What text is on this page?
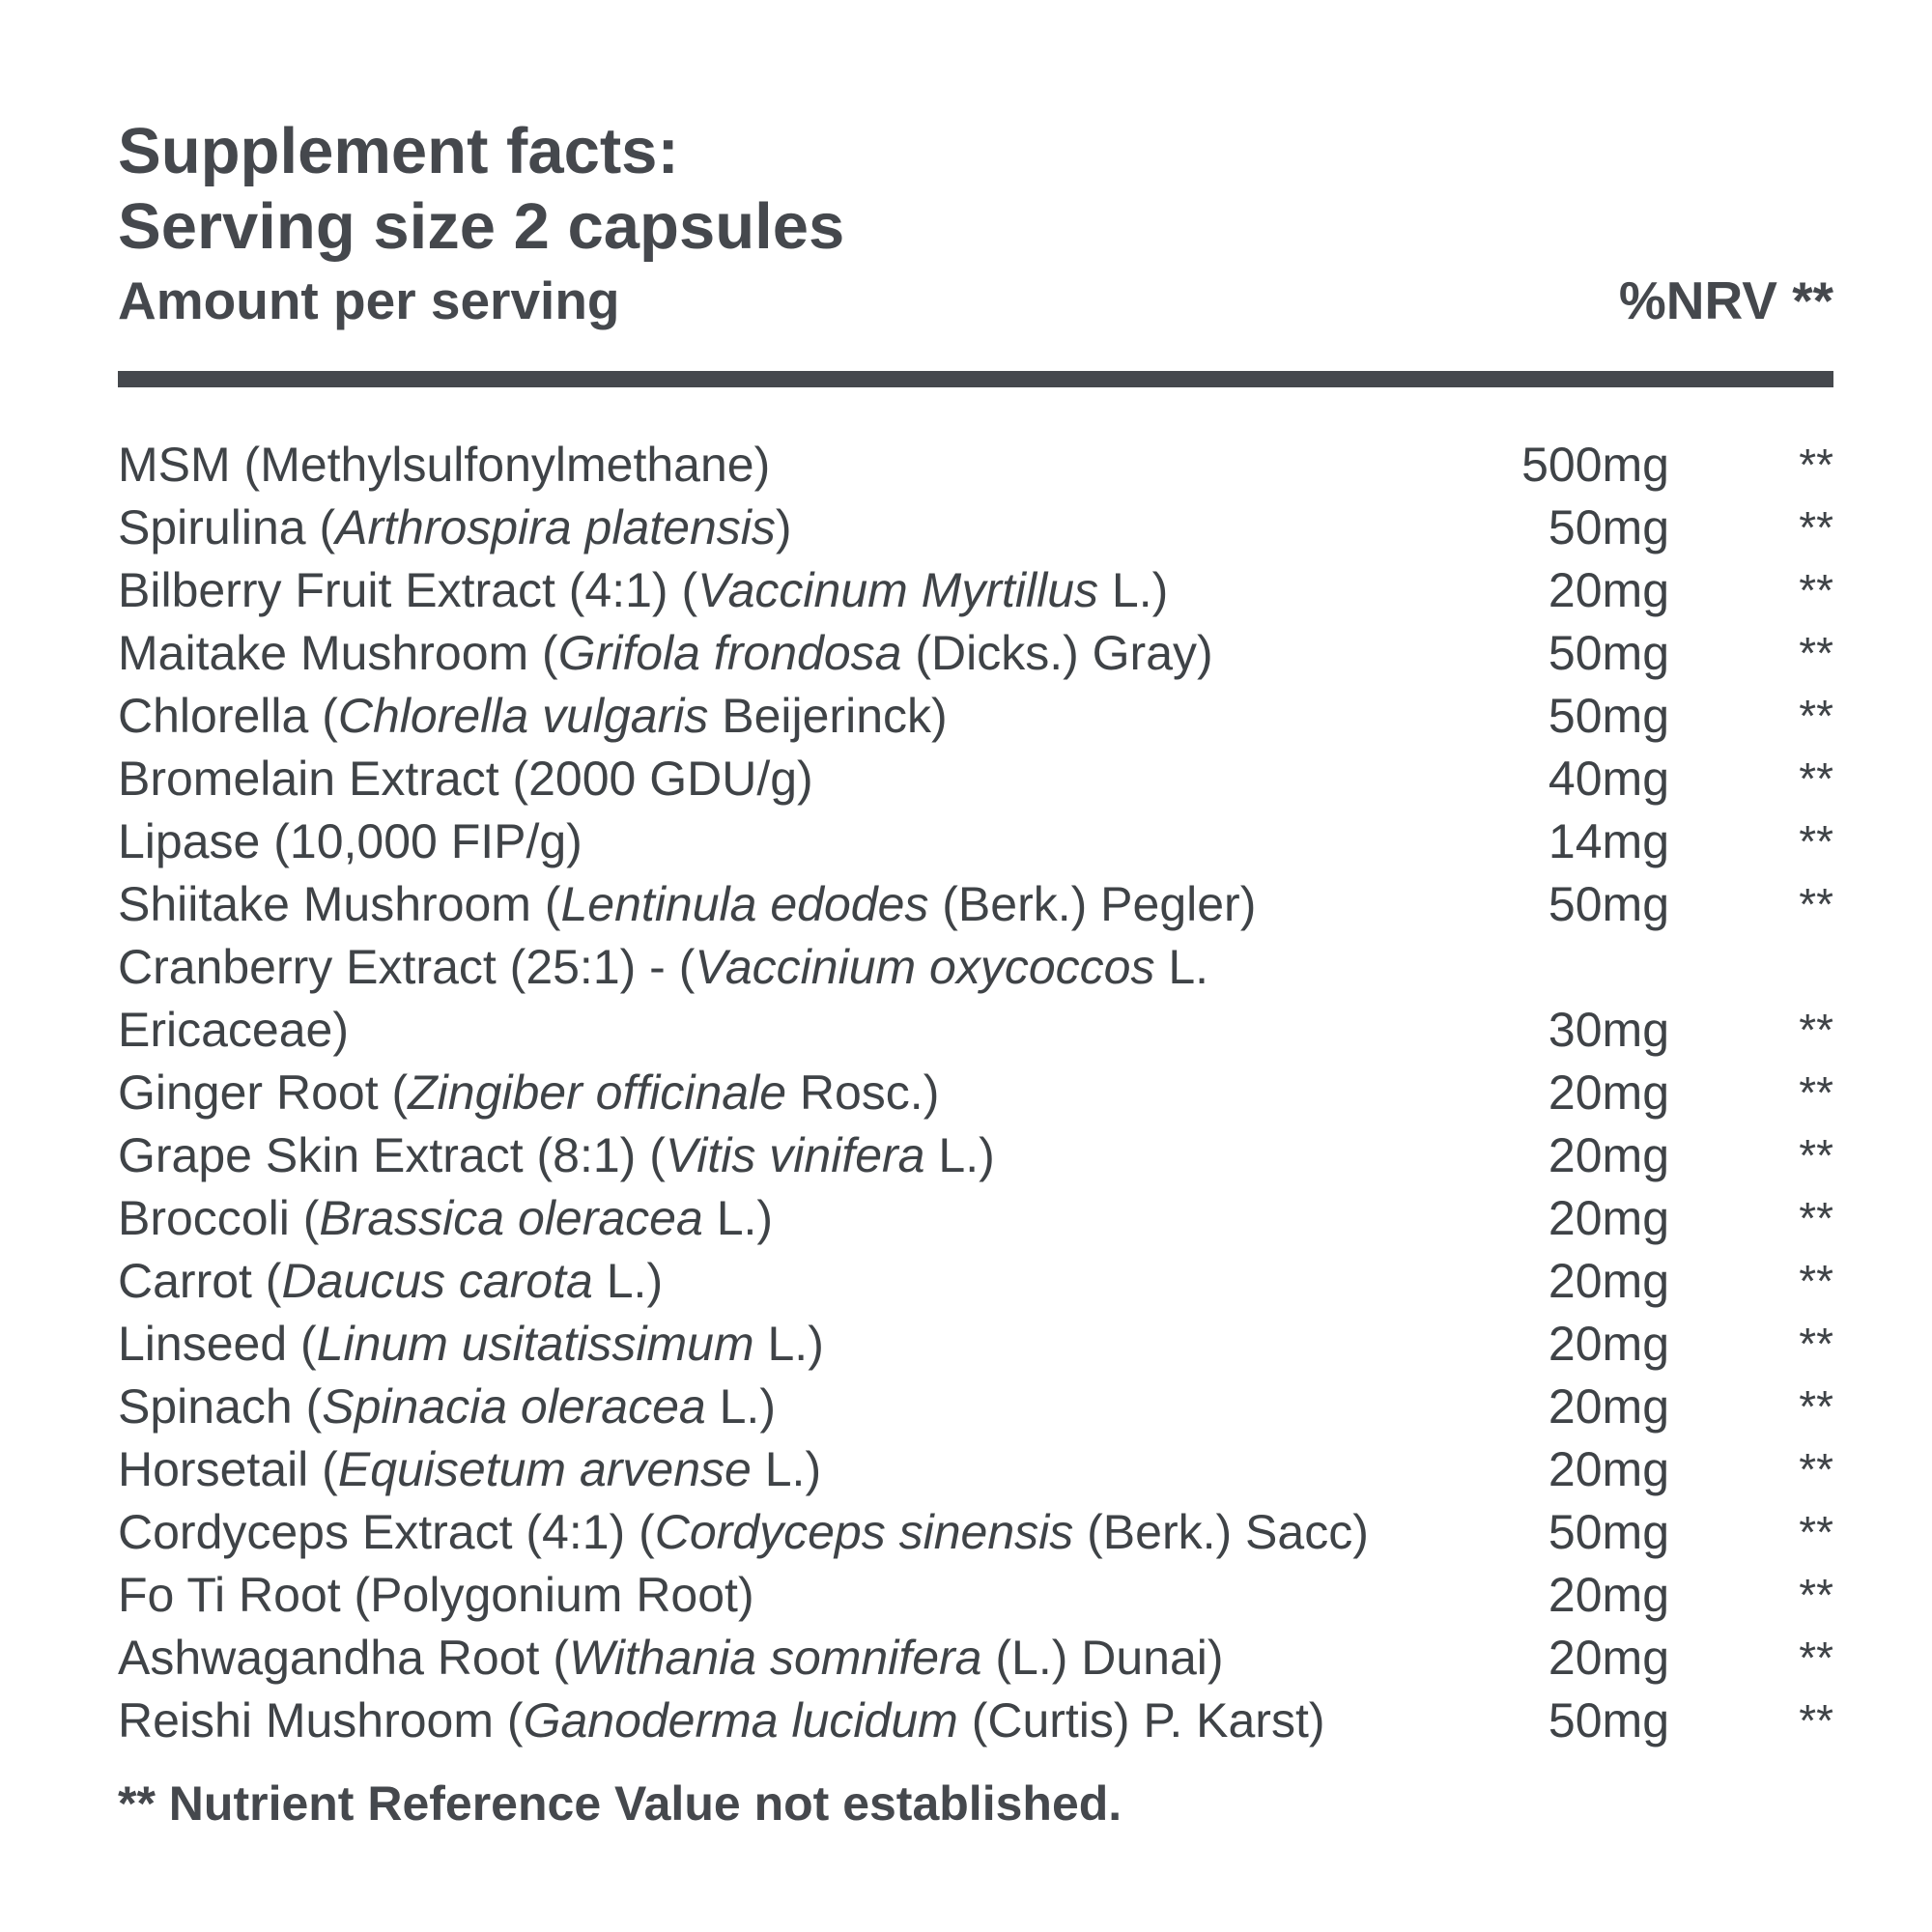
Supplement facts:
Serving size 2 capsules
Amount per serving	%NRV **
MSM (Methylsulfonylmethane)	500mg	**
Spirulina (Arthrospira platensis)	50mg	**
Bilberry Fruit Extract (4:1) (Vaccinum Myrtillus L.)	20mg	**
Maitake Mushroom (Grifola frondosa (Dicks.) Gray)	50mg	**
Chlorella (Chlorella vulgaris Beijerinck)	50mg	**
Bromelain Extract (2000 GDU/g)	40mg	**
Lipase (10,000 FIP/g)	14mg	**
Shiitake Mushroom (Lentinula edodes (Berk.) Pegler)	50mg	**
Cranberry Extract (25:1) - (Vaccinium oxycoccos L.
Ericaceae)	30mg	**
Ginger Root (Zingiber officinale Rosc.)	20mg	**
Grape Skin Extract (8:1) (Vitis vinifera L.)	20mg	**
Broccoli (Brassica oleracea L.)	20mg	**
Carrot (Daucus carota L.)	20mg	**
Linseed (Linum usitatissimum L.)	20mg	**
Spinach (Spinacia oleracea L.)	20mg	**
Horsetail (Equisetum arvense L.)	20mg	**
Cordyceps Extract (4:1) (Cordyceps sinensis (Berk.) Sacc)	50mg	**
Fo Ti Root (Polygonium Root)	20mg	**
Ashwagandha Root (Withania somnifera (L.) Dunai)	20mg	**
Reishi Mushroom (Ganoderma lucidum (Curtis) P. Karst)	50mg	**
** Nutrient Reference Value not established.
